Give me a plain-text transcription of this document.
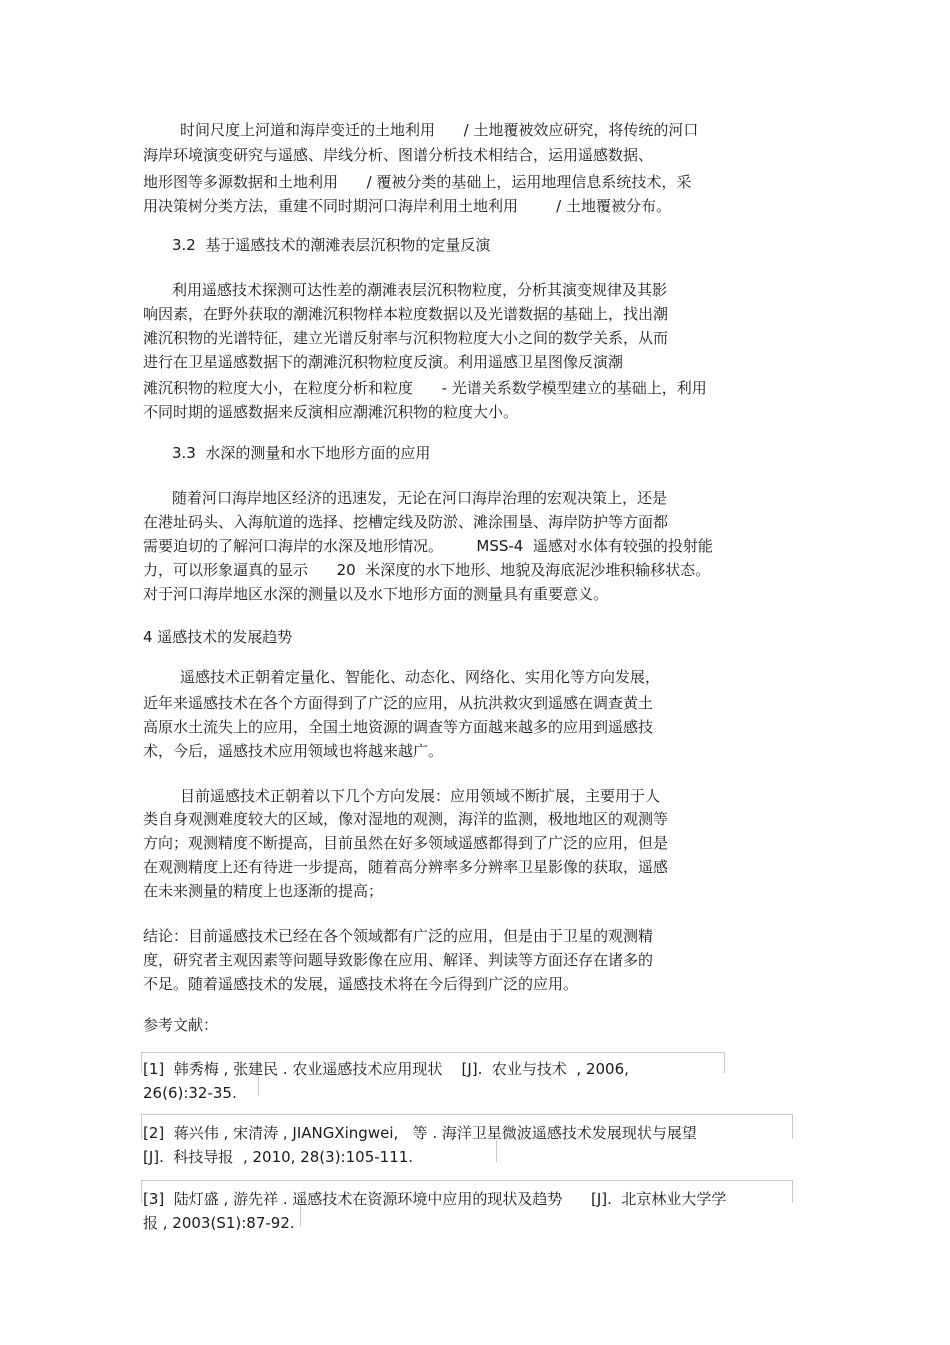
时间尺度上河道和海岸变迁的土地利用      / 土地覆被效应研究，将传统的河口
海岸环境演变研究与遥感、岸线分析、图谱分析技术相结合，运用遥感数据、
地形图等多源数据和土地利用      / 覆被分类的基础上，运用地理信息系统技术，采
用决策树分类方法，重建不同时期河口海岸利用土地利用        / 土地覆被分布。
3.2  基于遥感技术的潮滩表层沉积物的定量反演
利用遥感技术探测可达性差的潮滩表层沉积物粒度，分析其演变规律及其影
响因素，在野外获取的潮滩沉积物样本粒度数据以及光谱数据的基础上，找出潮
滩沉积物的光谱特征，建立光谱反射率与沉积物粒度大小之间的数学关系，从而
进行在卫星遥感数据下的潮滩沉积物粒度反演。利用遥感卫星图像反演潮
滩沉积物的粒度大小，在粒度分析和粒度      - 光谱关系数学模型建立的基础上，利用
不同时期的遥感数据来反演相应潮滩沉积物的粒度大小。
3.3  水深的测量和水下地形方面的应用
随着河口海岸地区经济的迅速发，无论在河口海岸治理的宏观决策上，还是
在港址码头、入海航道的选择、挖槽定线及防淤、滩涂围垦、海岸防护等方面都
需要迫切的了解河口海岸的水深及地形情况。       MSS-4  遥感对水体有较强的投射能
力，可以形象逼真的显示      20  米深度的水下地形、地貌及海底泥沙堆积输移状态。
对于河口海岸地区水深的测量以及水下地形方面的测量具有重要意义。
4 遥感技术的发展趋势
遥感技术正朝着定量化、智能化、动态化、网络化、实用化等方向发展，
近年来遥感技术在各个方面得到了广泛的应用，从抗洪救灾到遥感在调查黄土
高原水土流失上的应用，全国土地资源的调查等方面越来越多的应用到遥感技
术，今后，遥感技术应用领域也将越来越广。
目前遥感技术正朝着以下几个方向发展：应用领域不断扩展，主要用于人
类自身观测难度较大的区域，像对湿地的观测，海洋的监测，极地地区的观测等
方向；观测精度不断提高，目前虽然在好多领域遥感都得到了广泛的应用，但是
在观测精度上还有待进一步提高，随着高分辨率多分辨率卫星影像的获取，遥感
在未来测量的精度上也逐渐的提高；
结论：目前遥感技术已经在各个领域都有广泛的应用，但是由于卫星的观测精
度，研究者主观因素等问题导致影像在应用、解译、判读等方面还存在诸多的
不足。随着遥感技术的发展，遥感技术将在今后得到广泛的应用。
参考文献：
[1]  韩秀梅 , 张建民 . 农业遥感技术应用现状    [J].  农业与技术  , 2006,
26(6):32-35.
[2]  蒋兴伟 , 宋清涛 , JIANGXingwei,   等 . 海洋卫星微波遥感技术发展现状与展望
[J].  科技导报  , 2010, 28(3):105-111.
[3]  陆灯盛 , 游先祥 . 遥感技术在资源环境中应用的现状及趋势      [J].  北京林业大学学
报 , 2003(S1):87-92.
